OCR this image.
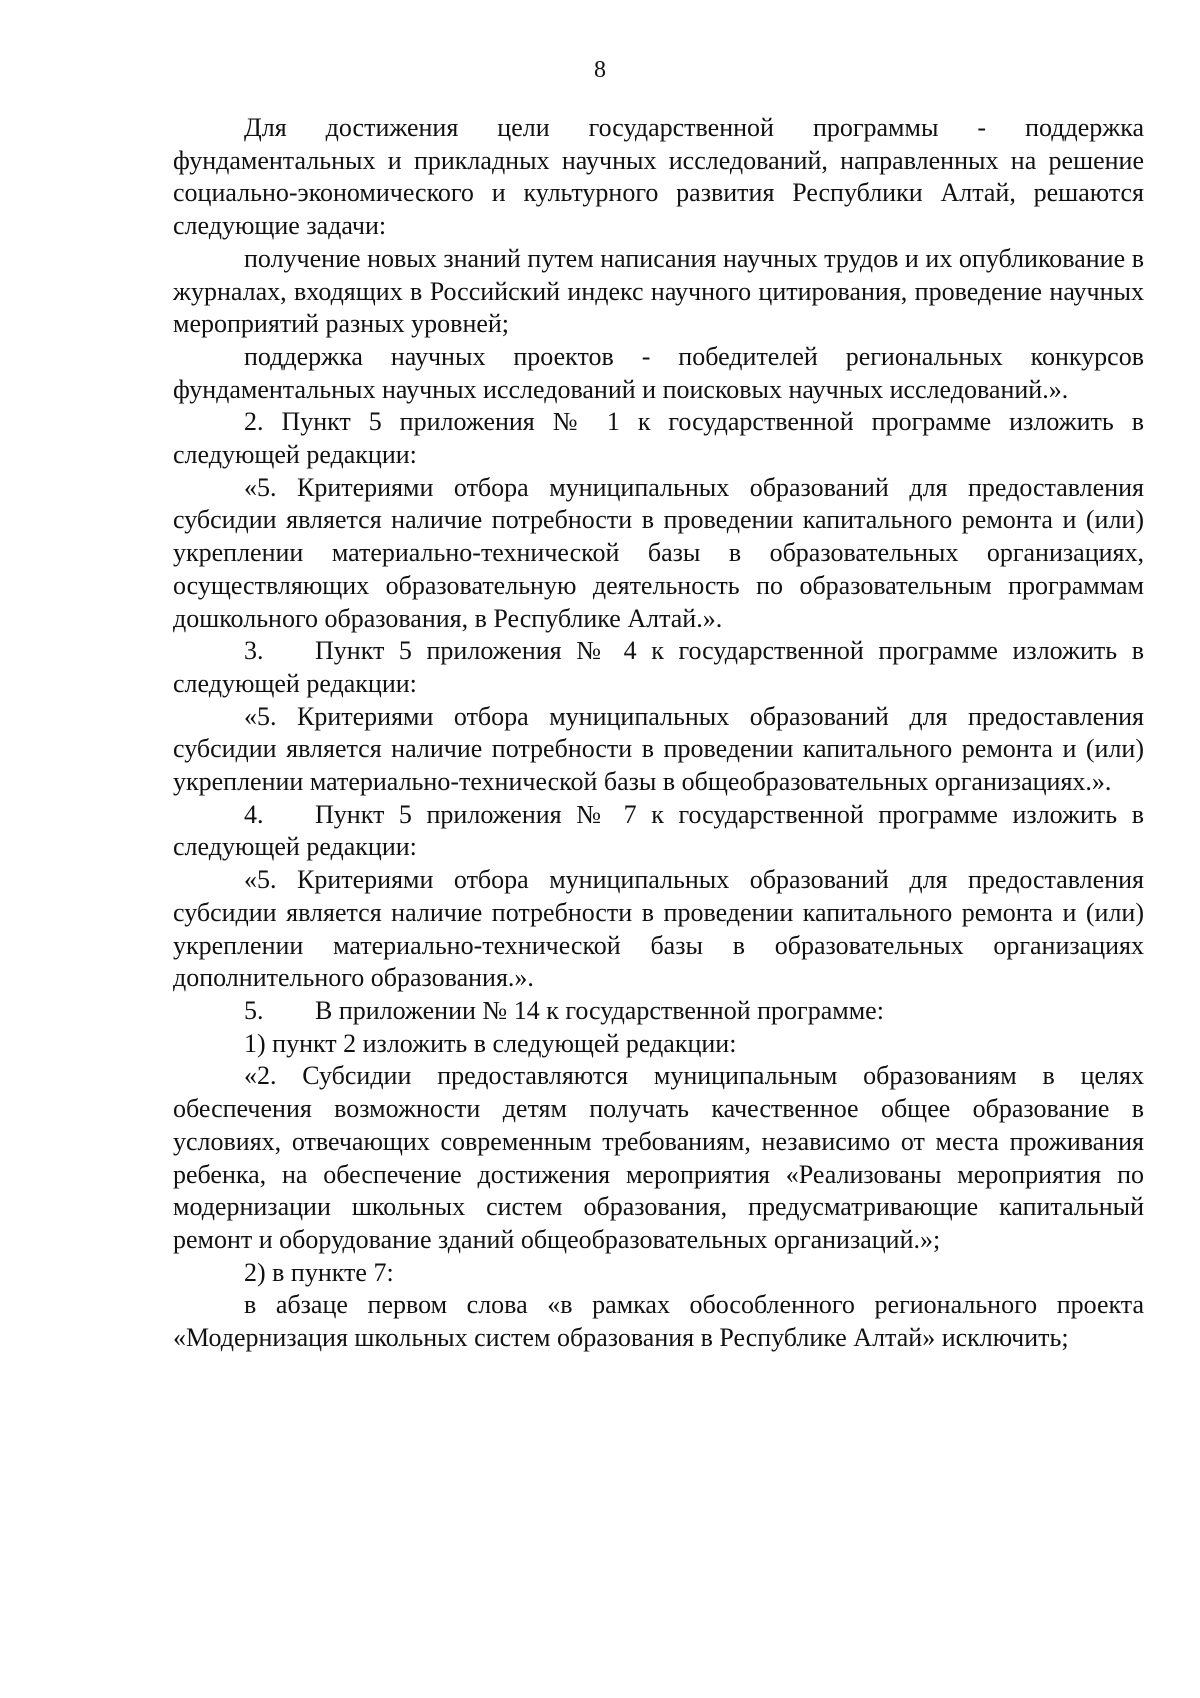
8

Для достижения цели государственной программы - поддержка фундаментальных и прикладных научных исследований, направленных на решение социально-экономического и культурного развития Республики Алтай, решаются следующие задачи:

получение новых знаний путем написания научных трудов и их опубликование в журналах, входящих в Российский индекс научного цитирования, проведение научных мероприятий разных уровней;

поддержка научных проектов - победителей региональных конкурсов фундаментальных научных исследований и поисковых научных исследований.».

2. Пункт 5 приложения № 1 к государственной программе изложить в следующей редакции:

«5. Критериями отбора муниципальных образований для предоставления субсидии является наличие потребности в проведении капитального ремонта и (или) укреплении материально-технической базы в образовательных организациях, осуществляющих образовательную деятельность по образовательным программам дошкольного образования, в Республике Алтай.».

3. Пункт 5 приложения № 4 к государственной программе изложить в следующей редакции:

«5. Критериями отбора муниципальных образований для предоставления субсидии является наличие потребности в проведении капитального ремонта и (или) укреплении материально-технической базы в общеобразовательных организациях.».

4. Пункт 5 приложения № 7 к государственной программе изложить в следующей редакции:

«5. Критериями отбора муниципальных образований для предоставления субсидии является наличие потребности в проведении капитального ремонта и (или) укреплении материально-технической базы в образовательных организациях дополнительного образования.».

5. В приложении № 14 к государственной программе:

1) пункт 2 изложить в следующей редакции:

«2. Субсидии предоставляются муниципальным образованиям в целях обеспечения возможности детям получать качественное общее образование в условиях, отвечающих современным требованиям, независимо от места проживания ребенка, на обеспечение достижения мероприятия «Реализованы мероприятия по модернизации школьных систем образования, предусматривающие капитальный ремонт и оборудование зданий общеобразовательных организаций.»;

2) в пункте 7:

в абзаце первом слова «в рамках обособленного регионального проекта «Модернизация школьных систем образования в Республике Алтай» исключить;
